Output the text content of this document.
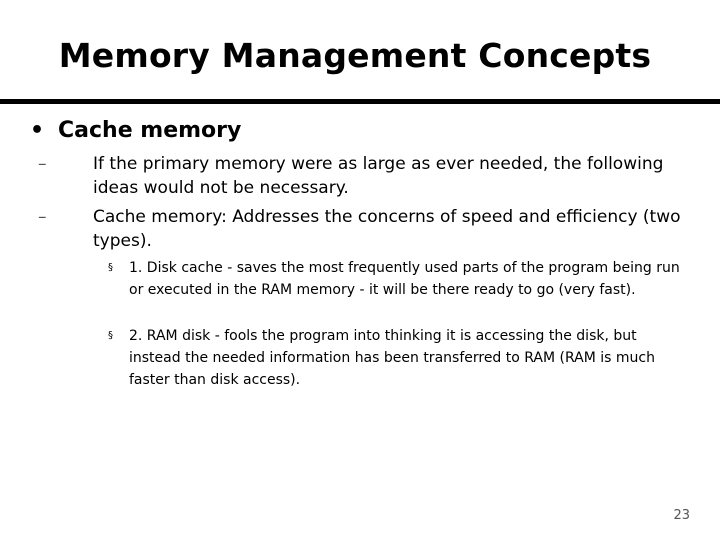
Memory Management Concepts
• Cache memory
–	If the primary memory were as large as ever needed, the following ideas would not be necessary.
–	Cache memory: Addresses the concerns of speed and efficiency (two types).
§	1. Disk cache - saves the most frequently used parts of the program being run or executed in the RAM memory - it will be there ready to go (very fast).
§	2. RAM disk - fools the program into thinking it is accessing the disk, but instead the needed information has been transferred to RAM (RAM is much faster than disk access).
23
